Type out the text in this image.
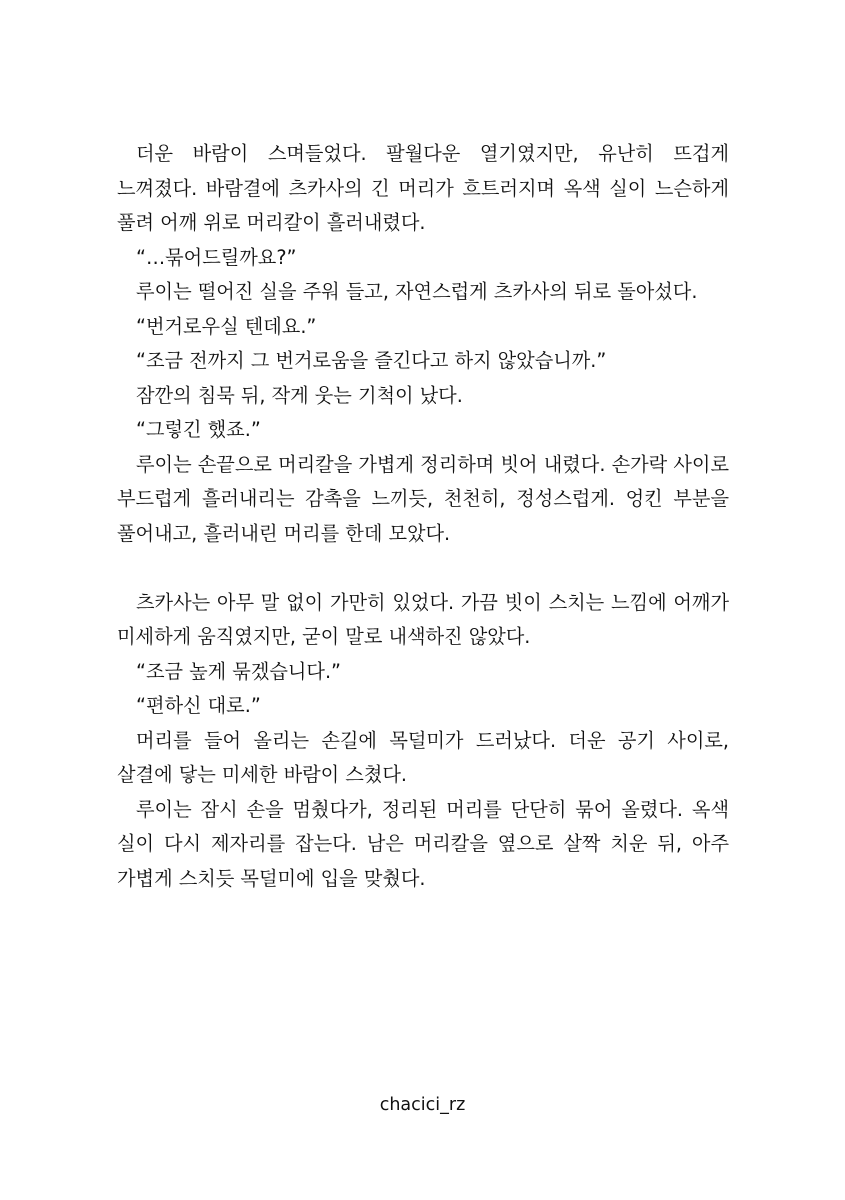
더운 바람이 스며들었다. 팔월다운 열기였지만, 유난히 뜨겁게 느껴졌다. 바람결에 츠카사의 긴 머리가 흐트러지며 옥색 실이 느슨하게 풀려 어깨 위로 머리칼이 흘러내렸다.

“…묶어드릴까요?”

루이는 떨어진 실을 주워 들고, 자연스럽게 츠카사의 뒤로 돌아섰다.

“번거로우실 텐데요.”

“조금 전까지 그 번거로움을 즐긴다고 하지 않았습니까.”

잠깐의 침묵 뒤, 작게 웃는 기척이 났다.

“그렇긴 했죠.”

루이는 손끝으로 머리칼을 가볍게 정리하며 빗어 내렸다. 손가락 사이로 부드럽게 흘러내리는 감촉을 느끼듯, 천천히, 정성스럽게. 엉킨 부분을 풀어내고, 흘러내린 머리를 한데 모았다.

츠카사는 아무 말 없이 가만히 있었다. 가끔 빗이 스치는 느낌에 어깨가 미세하게 움직였지만, 굳이 말로 내색하진 않았다.

“조금 높게 묶겠습니다.”

“편하신 대로.”

머리를 들어 올리는 손길에 목덜미가 드러났다. 더운 공기 사이로, 살결에 닿는 미세한 바람이 스쳤다.

루이는 잠시 손을 멈췄다가, 정리된 머리를 단단히 묶어 올렸다. 옥색 실이 다시 제자리를 잡는다. 남은 머리칼을 옆으로 살짝 치운 뒤, 아주 가볍게 스치듯 목덜미에 입을 맞췄다.

chacici_rz
